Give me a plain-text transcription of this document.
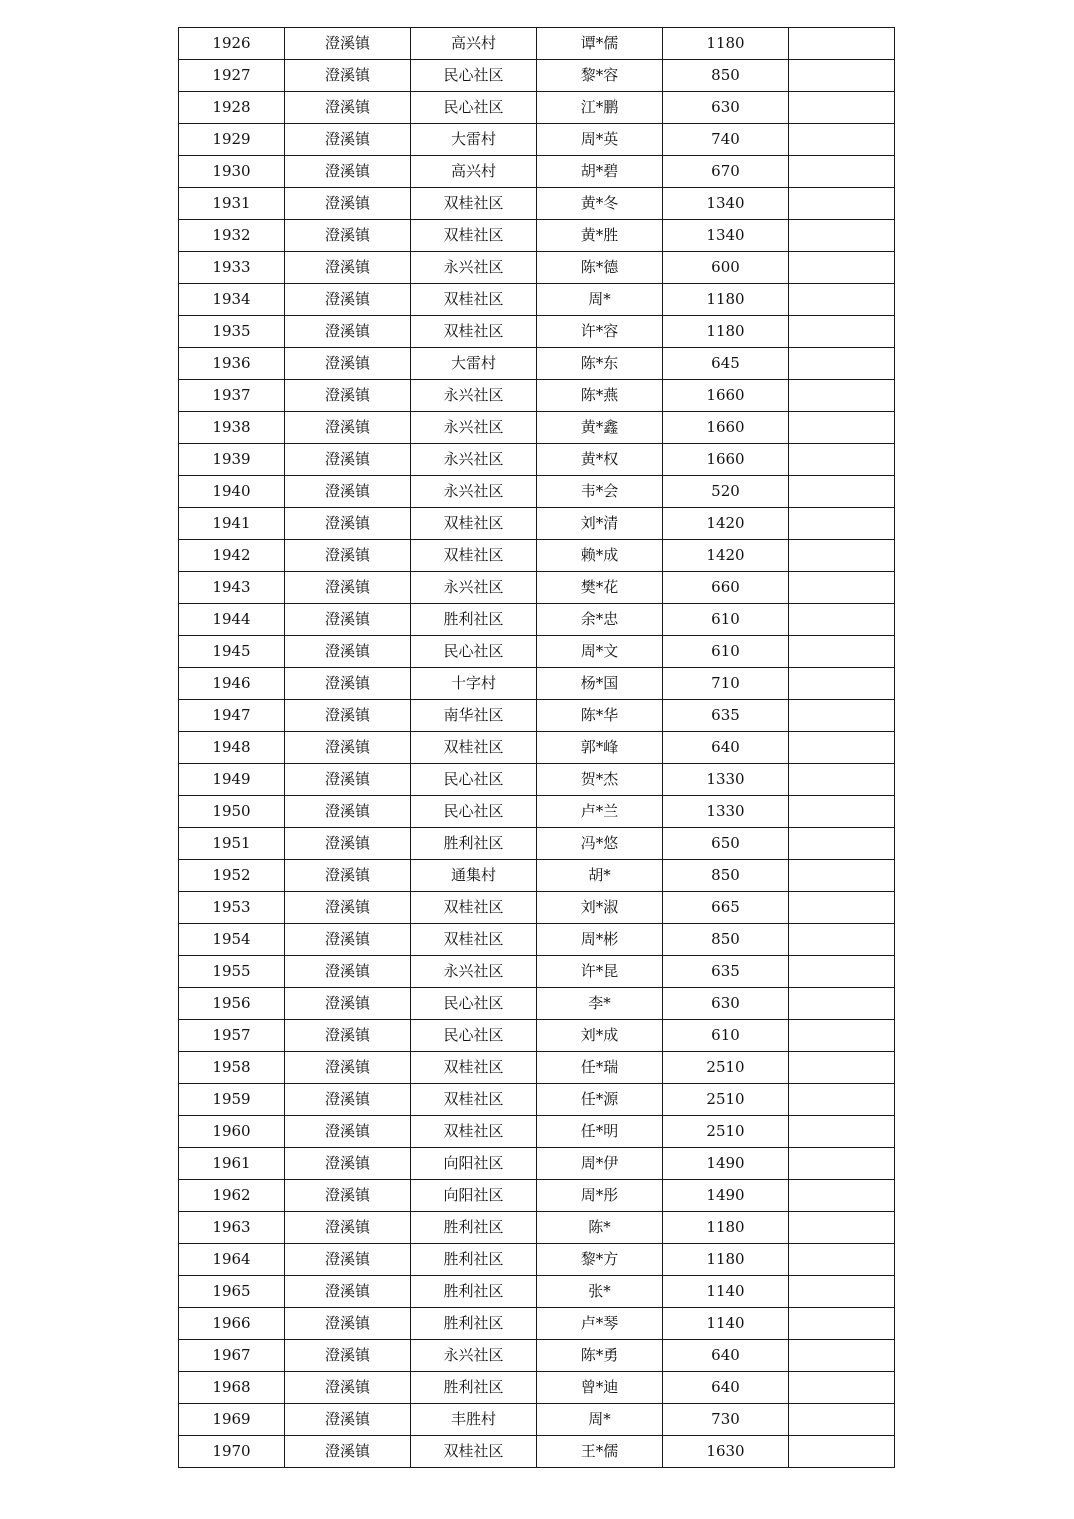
1926	澄溪镇	高兴村	谭*儒	1180	
1927	澄溪镇	民心社区	黎*容	850	
1928	澄溪镇	民心社区	江*鹏	630	
1929	澄溪镇	大雷村	周*英	740	
1930	澄溪镇	高兴村	胡*碧	670	
1931	澄溪镇	双桂社区	黄*冬	1340	
1932	澄溪镇	双桂社区	黄*胜	1340	
1933	澄溪镇	永兴社区	陈*德	600	
1934	澄溪镇	双桂社区	周*	1180	
1935	澄溪镇	双桂社区	许*容	1180	
1936	澄溪镇	大雷村	陈*东	645	
1937	澄溪镇	永兴社区	陈*燕	1660	
1938	澄溪镇	永兴社区	黄*鑫	1660	
1939	澄溪镇	永兴社区	黄*权	1660	
1940	澄溪镇	永兴社区	韦*会	520	
1941	澄溪镇	双桂社区	刘*清	1420	
1942	澄溪镇	双桂社区	赖*成	1420	
1943	澄溪镇	永兴社区	樊*花	660	
1944	澄溪镇	胜利社区	余*忠	610	
1945	澄溪镇	民心社区	周*文	610	
1946	澄溪镇	十字村	杨*国	710	
1947	澄溪镇	南华社区	陈*华	635	
1948	澄溪镇	双桂社区	郭*峰	640	
1949	澄溪镇	民心社区	贺*杰	1330	
1950	澄溪镇	民心社区	卢*兰	1330	
1951	澄溪镇	胜利社区	冯*悠	650	
1952	澄溪镇	通集村	胡*	850	
1953	澄溪镇	双桂社区	刘*淑	665	
1954	澄溪镇	双桂社区	周*彬	850	
1955	澄溪镇	永兴社区	许*昆	635	
1956	澄溪镇	民心社区	李*	630	
1957	澄溪镇	民心社区	刘*成	610	
1958	澄溪镇	双桂社区	任*瑞	2510	
1959	澄溪镇	双桂社区	任*源	2510	
1960	澄溪镇	双桂社区	任*明	2510	
1961	澄溪镇	向阳社区	周*伊	1490	
1962	澄溪镇	向阳社区	周*彤	1490	
1963	澄溪镇	胜利社区	陈*	1180	
1964	澄溪镇	胜利社区	黎*方	1180	
1965	澄溪镇	胜利社区	张*	1140	
1966	澄溪镇	胜利社区	卢*琴	1140	
1967	澄溪镇	永兴社区	陈*勇	640	
1968	澄溪镇	胜利社区	曾*迪	640	
1969	澄溪镇	丰胜村	周*	730	
1970	澄溪镇	双桂社区	王*儒	1630	
